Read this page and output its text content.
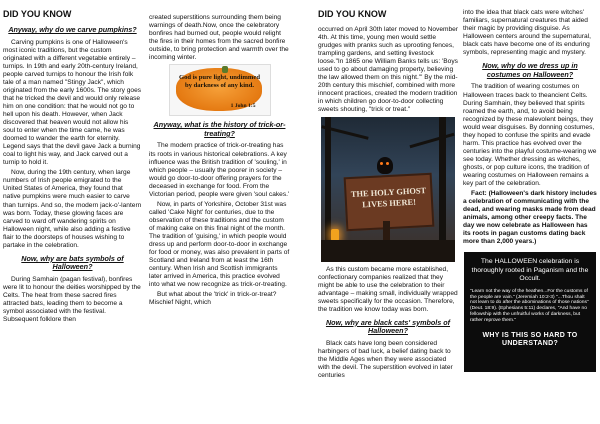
DID YOU KNOW
Anyway, why do we carve pumpkins?

Carving pumpkins is one of Halloween's most iconic traditions, but the custom originated with a different vegetable entirely – turnips. In 19th and early 20th-century Ireland, people carved turnips to honour the Irish folk tale of a man named "Stingy Jack", which originated from the early 1600s. The story goes that he tricked the devil and would only release him on one condition: that he would not go to hell upon his death. However, when Jack discovered that heaven would not allow his soul to enter when the time came, he was doomed to wander the earth for eternity. Legend says that the devil gave Jack a burning coal to light his way, and Jack carved out a turnip to hold it.

Now, during the 19th century, when large numbers of Irish people emigrated to the United States of America, they found that native pumpkins were much easier to carve than turnips. And so, the modern jack-o'-lantern was born. Today, these glowing faces are carved to ward off wandering spirits on Halloween night, while also adding a festive flair to the doorsteps of houses wishing to partake in the celebration.

Now, why are bats symbols of Halloween?

During Samhain (pagan festival), bonfires were lit to honour the deities worshipped by the Celts. The heat from these sacred fires attracted bats, leading them to become a symbol associated with the festival. Subsequent folklore then

created superstitions surrounding them being warnings of death.Now, once the celebratory bonfires had burned out, people would relight the fires in their homes from the sacred bonfire outside, to bring protection and warmth over the incoming winter.

God is pure light, undimmed by darkness of any kind.
1 John 1:5
Anyway, what is the history of trick-or-treating?

The modern practice of trick-or-treating has its roots in various historical celebrations. A key influence was the British tradition of 'souling,' in which people – usually the poorer in society – would go door-to-door offering prayers for the deceased in exchange for food. From the Victorian period, people were given 'soul cakes.'

Now, in parts of Yorkshire, October 31st was called 'Cake Night' for centuries, due to the observation of these traditions and the custom of making cake on this final night of the month. The tradition of 'guising,' in which people would dress up and perform door-to-door in exchange for food or money, was also prevalent in parts of Scotland and Ireland from at least the 16th century. When Irish and Scottish immigrants later arrived in America, this practice evolved into what we now recognize as trick-or-treating.

But what about the 'trick' in trick-or-treat? Mischief Night, which

DID YOU KNOW

occurred on April 30th later moved to November 4th. At this time, young men would settle grudges with pranks such as uprooting fences, trampling gardens, and setting livestock loose."In 1865 one William Banks tells us: 'Boys used to go about damaging property, believing the law allowed them on this night.'" By the mid-20th century this mischief, combined with more innocent practices, created the modern tradition in which children go door-to-door collecting sweets shouting, "trick or treat."

THE HOLY GHOST LIVES HERE!

As this custom became more established, confectionary companies realized that they might be able to use the celebration to their advantage – making small, individually wrapped sweets specifically for the occasion. Therefore, the tradition we know today was born.

Now, why are black cats' symbols of Halloween?

Black cats have long been considered harbingers of bad luck, a belief dating back to the Middle Ages when they were associated with the devil. The superstition evolved in later centuries

into the idea that black cats were witches' familiars, supernatural creatures that aided their magic by providing disguise. As Halloween centers around the supernatural, black cats have become one of its enduring symbols, representing magic and mystery.

Now, why do we dress up in costumes on Halloween?

The tradition of wearing costumes on Halloween traces back to theancient Celts. During Samhain, they believed that spirits roamed the earth, and, to avoid being recognized by these malevolent beings, they would wear disguises. By donning costumes, they hoped to confuse the spirits and evade harm. This practice has evolved over the centuries into the playful costume-wearing we see today. Whether dressing as witches, ghosts, or pop culture icons, the tradition of wearing costumes on Halloween remains a key part of the celebration.

Fact: (Halloween's dark history includes a celebration of communicating with the dead, and wearing masks made from dead animals, among other creepy facts. The day we now celebrate as Halloween has its roots in pagan customs dating back more than 2,000 years.)

The HALLOWEEN celebration is thoroughly rooted in Paganism and the Occult.
"Learn not the way of the heathen...For the customs of the people are vain." (Jeremiah 10:2-3) "...Thou shalt not learn to do after the abominations of those nations" (Deut. 18:9). (Ephesians 5:11) declares, "And have no fellowship with the unfruitful works of darkness, but rather reprove them."
WHY IS THIS SO HARD TO UNDERSTAND?
